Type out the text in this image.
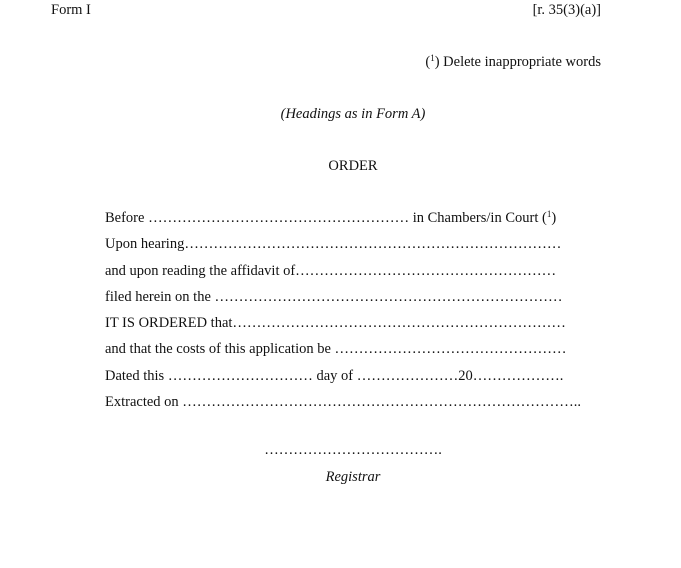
Form I	[r. 35(3)(a)]
($^1$) Delete inappropriate words
(Headings as in Form A)
ORDER
Before ……………………………………………… in Chambers/in Court ($^1$)
Upon hearing……………………………………………………………………
and upon reading the affidavit of………………………………………………
filed herein on the ………………………………………………………………
IT IS ORDERED that……………………………………………………………
and that the costs of this application be …………………………………………
Dated this ………………………… day of …………………20……………….
Extracted on ………………………………………………………………………..
……………………………….
Registrar
